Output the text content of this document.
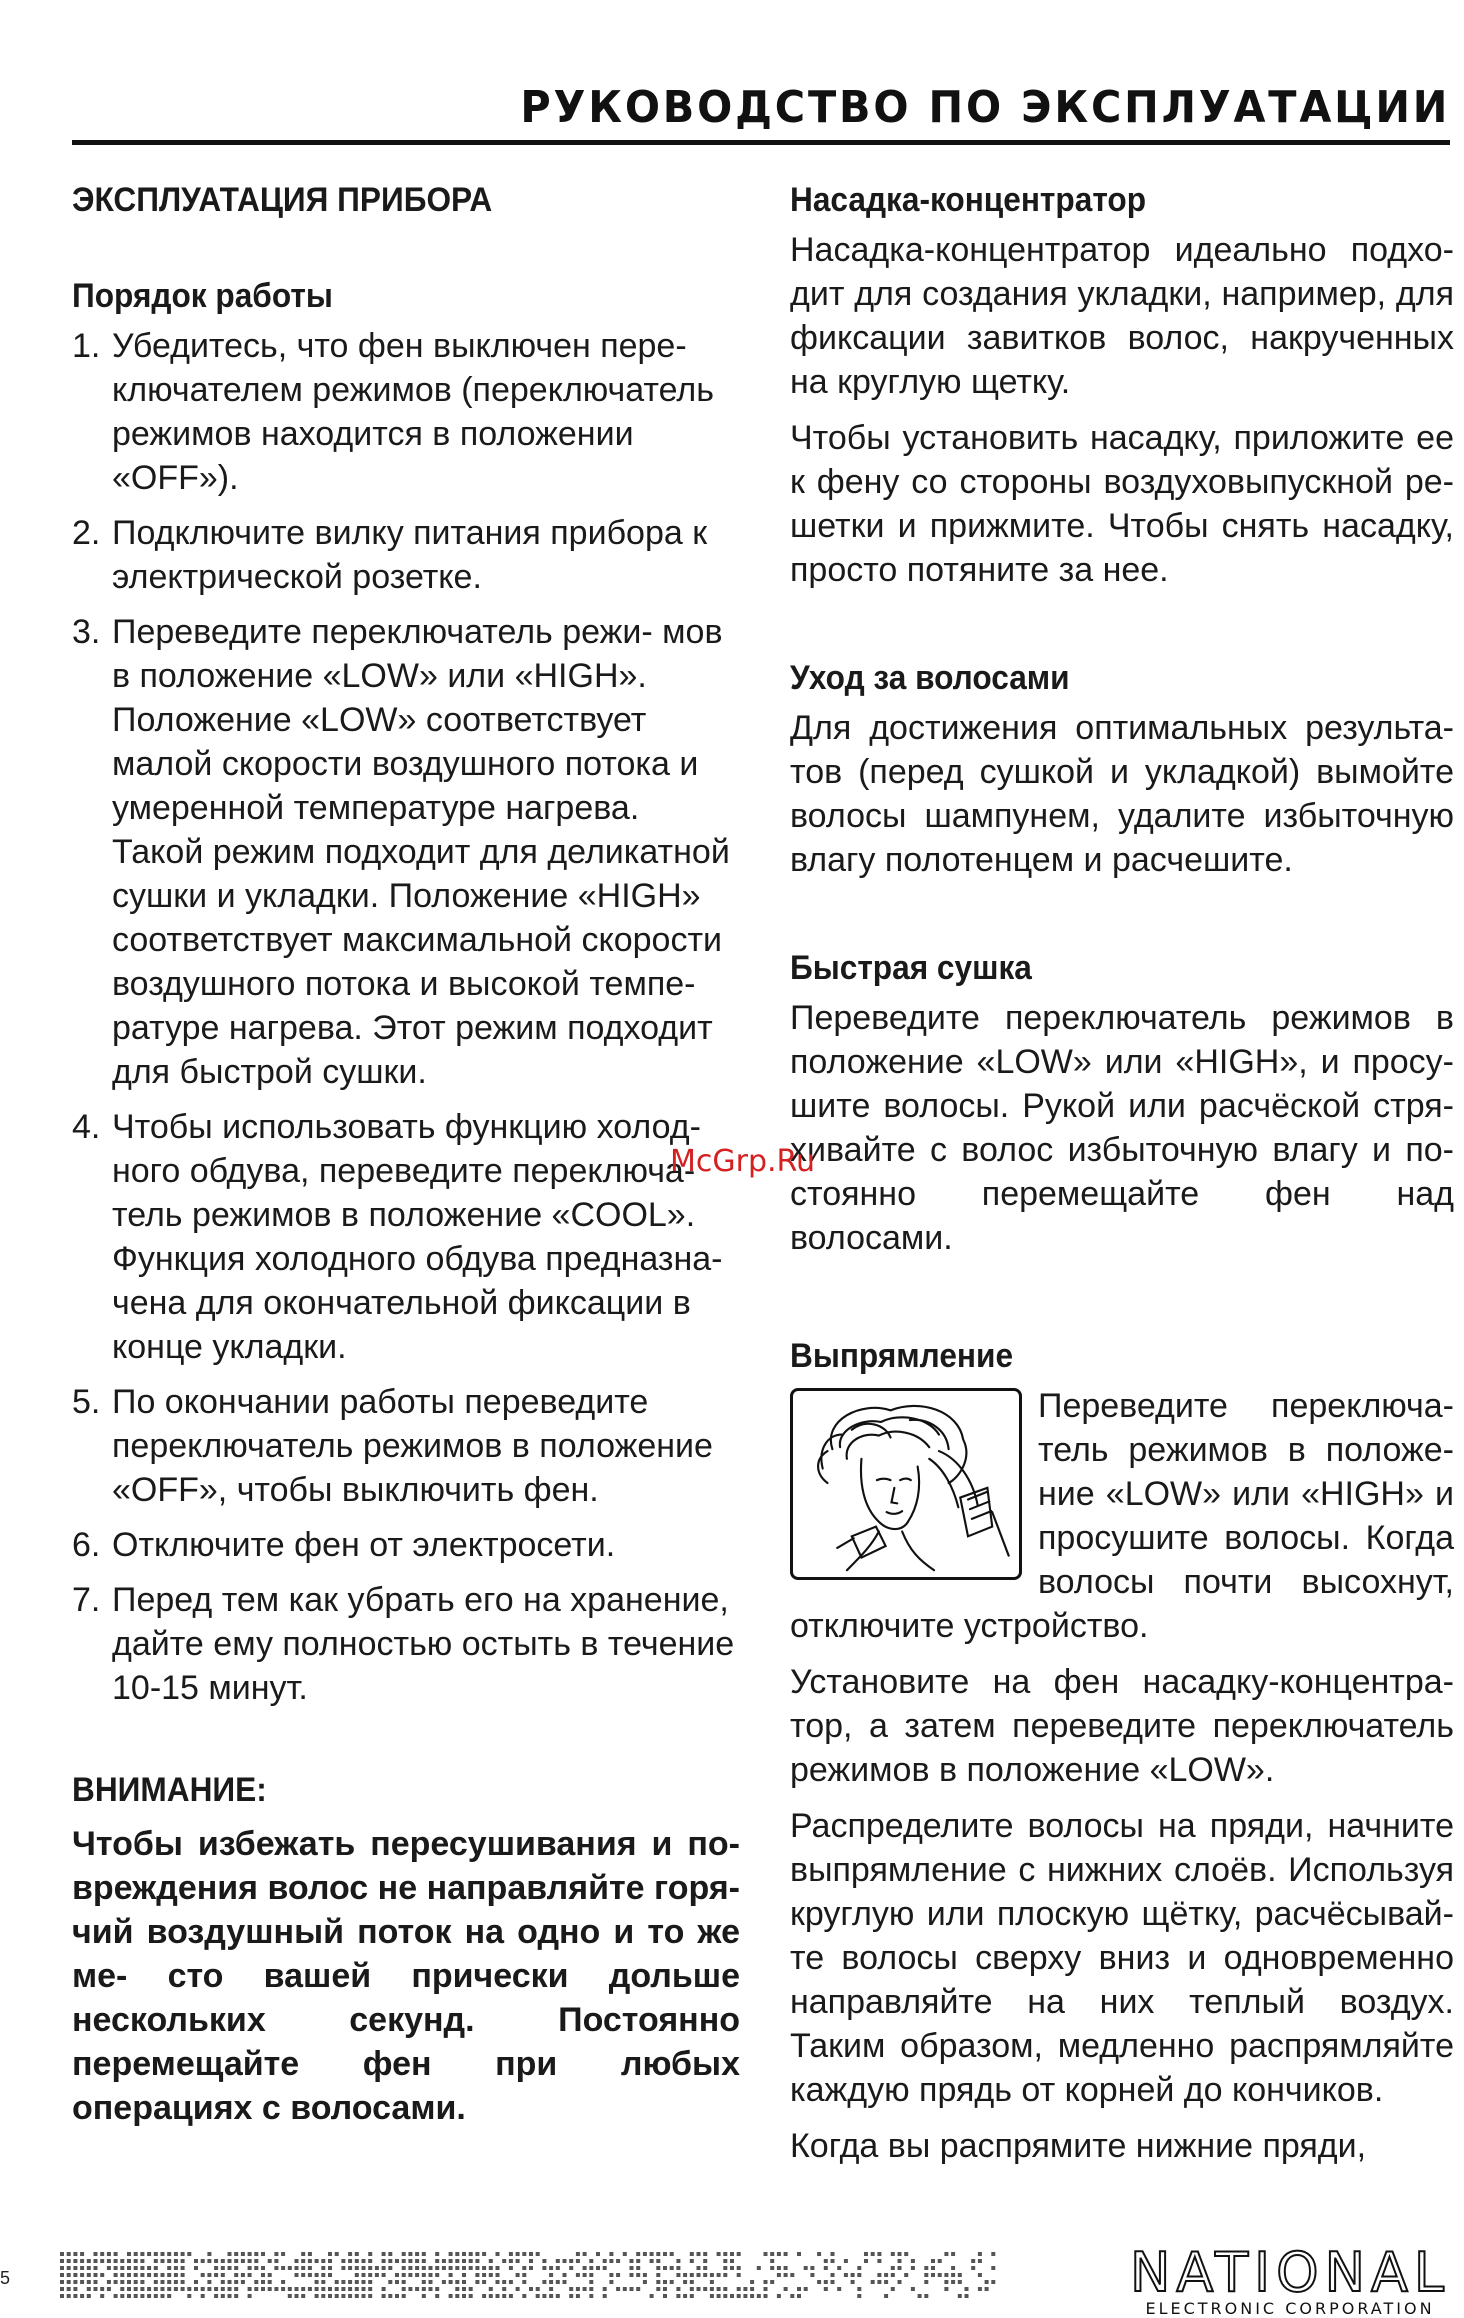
РУКОВОДСТВО ПО ЭКСПЛУАТАЦИИ
ЭКСПЛУАТАЦИЯ ПРИБОРА
Порядок работы
1. Убедитесь, что фен выключен пере- ключателем режимов (переключатель режимов находится в положении «OFF»).
2. Подключите вилку питания прибора к электрической розетке.
3. Переведите переключатель режи- мов в положение «LOW» или «HIGH». Положение «LOW» соответствует малой скорости воздушного потока и умеренной температуре нагрева. Такой режим подходит для деликатной сушки и укладки. Положение «HIGH» соответствует максимальной скорости воздушного потока и высокой темпе- ратуре нагрева. Этот режим подходит для быстрой сушки.
4. Чтобы использовать функцию холод- ного обдува, переведите переключа- тель режимов в положение «COOL». Функция холодного обдува предназна- чена для окончательной фиксации в конце укладки.
5. По окончании работы переведите переключатель режимов в положение «OFF», чтобы выключить фен.
6. Отключите фен от электросети.
7. Перед тем как убрать его на хранение, дайте ему полностью остыть в течение 10-15 минут.
ВНИМАНИЕ:
Чтобы избежать пересушивания и по- вреждения волос не направляйте горя- чий воздушный поток на одно и то же ме- сто вашей прически дольше нескольких секунд. Постоянно перемещайте фен при любых операциях с волосами.
Насадка-концентратор
Насадка-концентратор идеально подхо- дит для создания укладки, например, для фиксации завитков волос, накрученных на круглую щетку.
Чтобы установить насадку, приложите ее к фену со стороны воздуховыпускной ре- шетки и прижмите. Чтобы снять насадку, просто потяните за нее.
Уход за волосами
Для достижения оптимальных результа- тов (перед сушкой и укладкой) вымойте волосы шампунем, удалите избыточную влагу полотенцем и расчешите.
Быстрая сушка
Переведите переключатель режимов в положение «LOW» или «HIGH», и просу- шите волосы. Рукой или расчёской стря- хивайте с волос избыточную влагу и по- стоянно перемещайте фен над волосами.
Выпрямление
Переведите переключа- тель режимов в положе- ние «LOW» или «HIGH» и просушите волосы. Когда волосы почти высохнут, отключите устройство.
Установите на фен насадку-концентра- тор, а затем переведите переключатель режимов в положение «LOW».
Распределите волосы на пряди, начните выпрямление с нижних слоёв. Используя круглую или плоскую щётку, расчёсывай- те волосы сверху вниз и одновременно направляйте на них теплый воздух. Таким образом, медленно распрямляйте каждую прядь от корней до кончиков.
Когда вы распрямите нижние пряди,
McGrp.Ru
5	NATIONAL
ELECTRONIC CORPORATION
